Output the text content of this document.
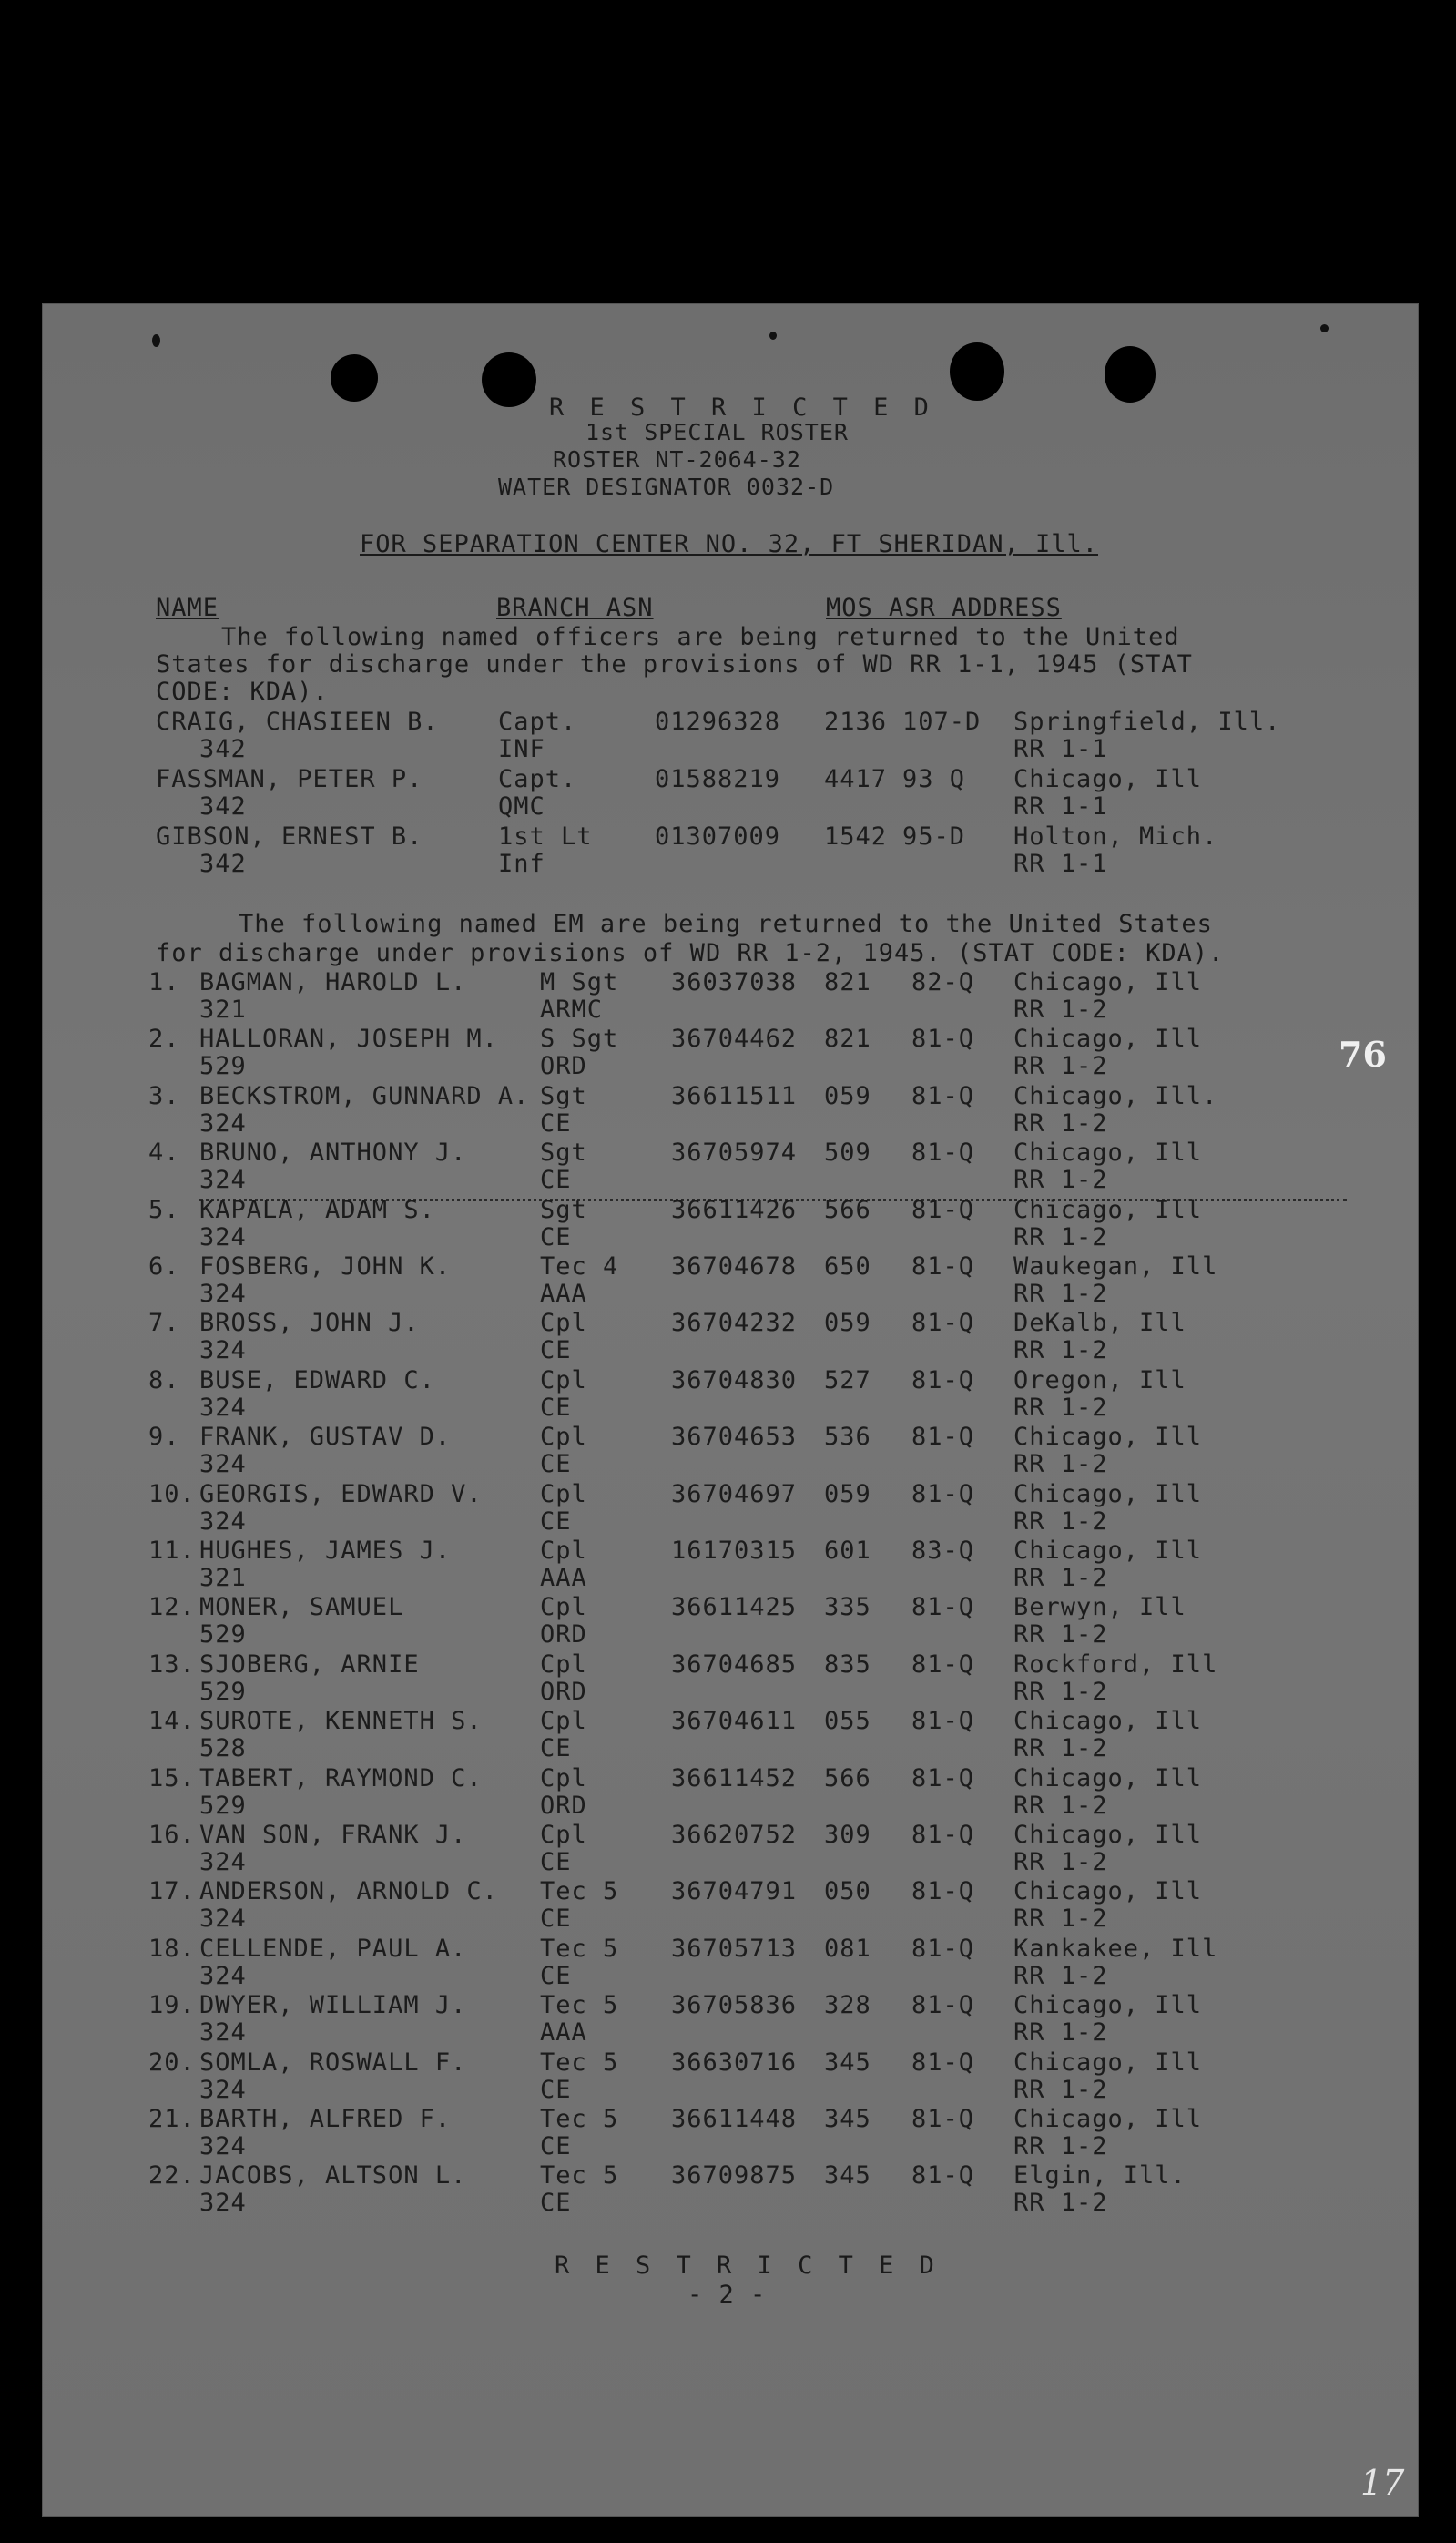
R E S T R I C T E D
1st SPECIAL ROSTER
ROSTER NT-2064-32
WATER DESIGNATOR 0032-D
FOR SEPARATION CENTER NO. 32, FT SHERIDAN, Ill.
NAME	BRANCH ASN	MOS ASR ADDRESS
The following named officers are being returned to the United
States for discharge under the provisions of WD RR 1-1, 1945 (STAT
CODE: KDA).
CRAIG, CHASIEEN B.
342
Capt.
INF
01296328 2136 107-D Springfield, Ill.
RR 1-1
FASSMAN, PETER P.
342
Capt.
QMC
01588219 4417 93 Q Chicago, Ill
RR 1-1
GIBSON, ERNEST B.
342
1st Lt
Inf
01307009 1542 95-D Holton, Mich.
RR 1-1
The following named EM are being returned to the United States
for discharge under provisions of WD RR 1-2, 1945. (STAT CODE: KDA).
1. BAGMAN, HAROLD L.
321
M Sgt
ARMC
36037038 821 82-Q Chicago, Ill
RR 1-2
2. HALLORAN, JOSEPH M.
529
S Sgt
ORD
36704462 821 81-Q Chicago, Ill
RR 1-2
3. BECKSTROM, GUNNARD A.
324
Sgt
CE
36611511 059 81-Q Chicago, Ill.
RR 1-2
4. BRUNO, ANTHONY J.
324
Sgt
CE
36705974 509 81-Q Chicago, Ill
RR 1-2
5. KAPALA, ADAM S.
324
Sgt
CE
36611426 566 81-Q Chicago, Ill
RR 1-2
6. FOSBERG, JOHN K.
324
Tec 4
AAA
36704678 650 81-Q Waukegan, Ill
RR 1-2
7. BROSS, JOHN J.
324
Cpl
CE
36704232 059 81-Q DeKalb, Ill
RR 1-2
8. BUSE, EDWARD C.
324
Cpl
CE
36704830 527 81-Q Oregon, Ill
RR 1-2
9. FRANK, GUSTAV D.
324
Cpl
CE
36704653 536 81-Q Chicago, Ill
RR 1-2
10. GEORGIS, EDWARD V.
324
Cpl
CE
36704697 059 81-Q Chicago, Ill
RR 1-2
11. HUGHES, JAMES J.
321
Cpl
AAA
16170315 601 83-Q Chicago, Ill
RR 1-2
12. MONER, SAMUEL
529
Cpl
ORD
36611425 335 81-Q Berwyn, Ill
RR 1-2
13. SJOBERG, ARNIE
529
Cpl
ORD
36704685 835 81-Q Rockford, Ill
RR 1-2
14. SUROTE, KENNETH S.
528
Cpl
CE
36704611 055 81-Q Chicago, Ill
RR 1-2
15. TABERT, RAYMOND C.
529
Cpl
ORD
36611452 566 81-Q Chicago, Ill
RR 1-2
16. VAN SON, FRANK J.
324
Cpl
CE
36620752 309 81-Q Chicago, Ill
RR 1-2
17. ANDERSON, ARNOLD C.
324
Tec 5
CE
36704791 050 81-Q Chicago, Ill
RR 1-2
18. CELLENDE, PAUL A.
324
Tec 5
CE
36705713 081 81-Q Kankakee, Ill
RR 1-2
19. DWYER, WILLIAM J.
324
Tec 5
AAA
36705836 328 81-Q Chicago, Ill
RR 1-2
20. SOMLA, ROSWALL F.
324
Tec 5
CE
36630716 345 81-Q Chicago, Ill
RR 1-2
21. BARTH, ALFRED F.
324
Tec 5
CE
36611448 345 81-Q Chicago, Ill
RR 1-2
22. JACOBS, ALTSON L.
324
Tec 5
CE
36709875 345 81-Q Elgin, Ill.
RR 1-2
R E S T R I C T E D
- 2 -
76
17
